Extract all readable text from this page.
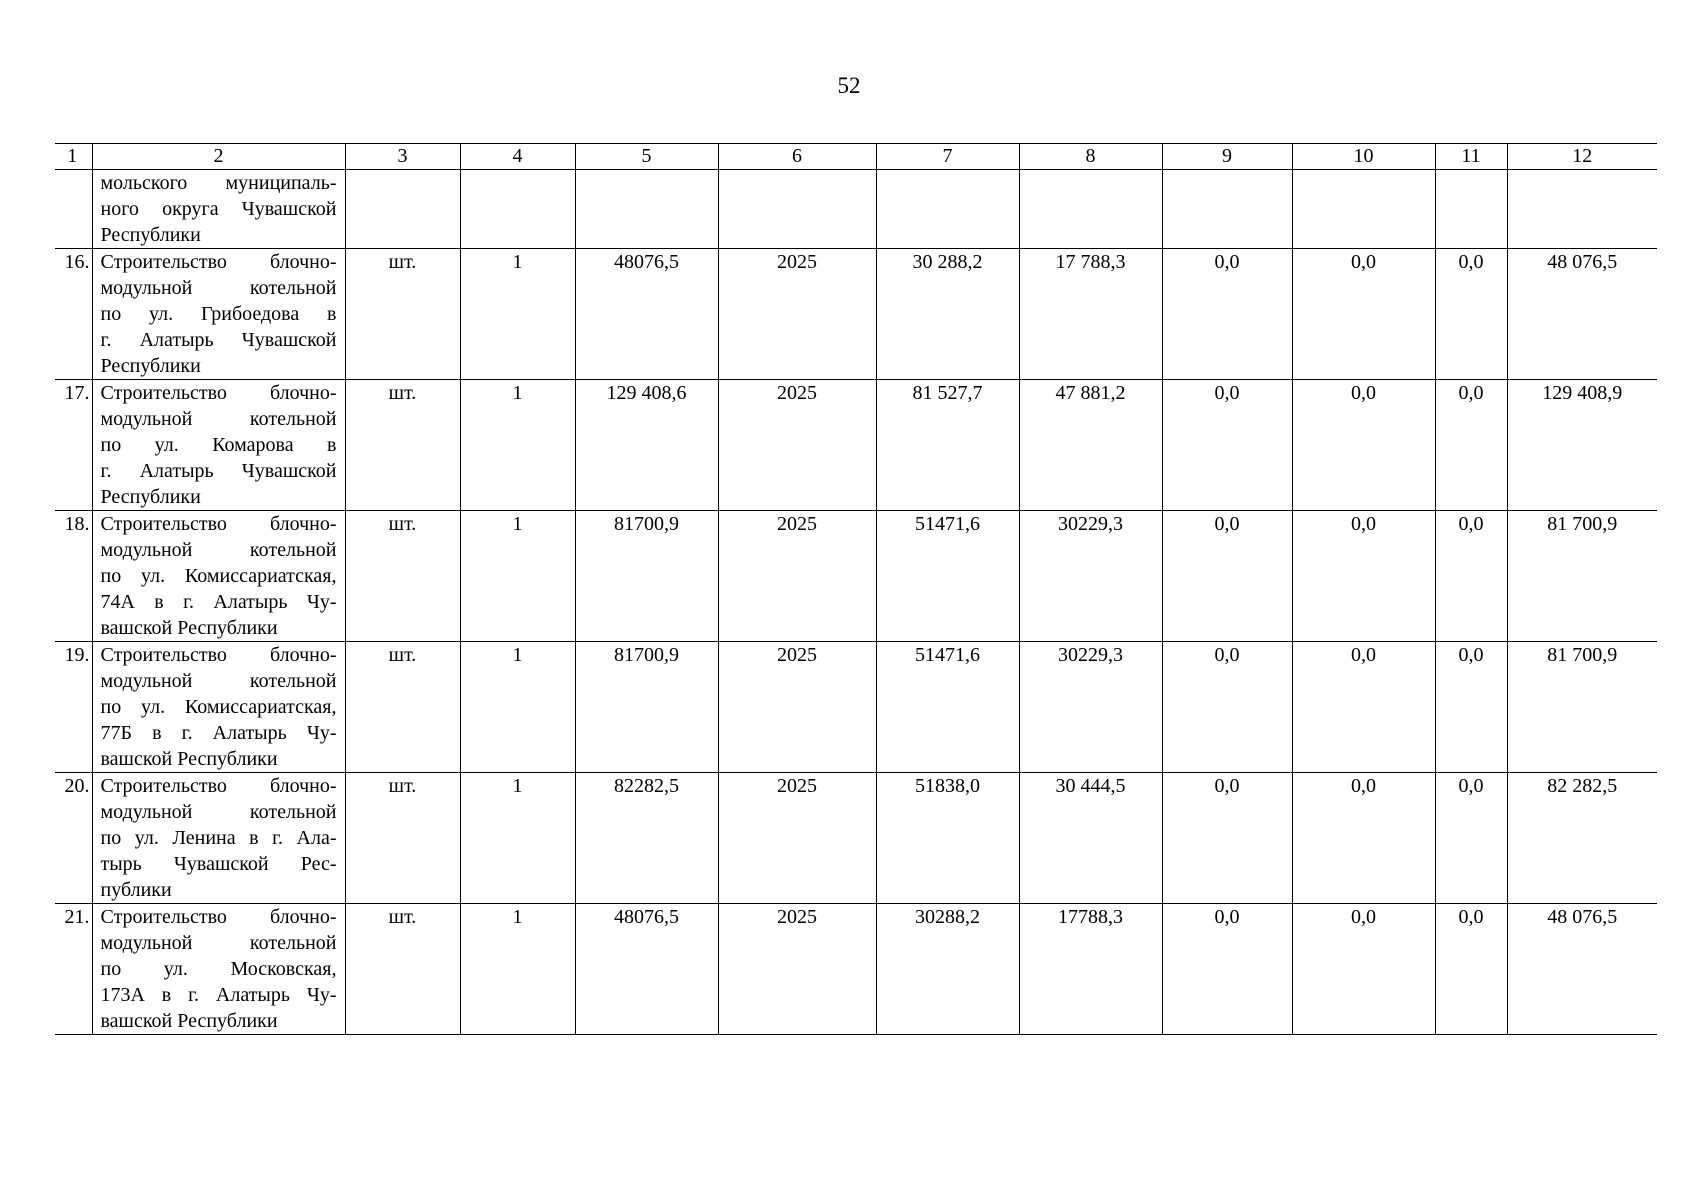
52
1	2	3	4	5	6	7	8	9	10	11	12

	мольского муниципаль-
ного округа Чувашской
Республики										

16.	Строительство блочно-
модульной котельной
по ул. Грибоедова в
г. Алатырь Чувашской
Республики	шт.	1	48076,5	2025	30 288,2	17 788,3	0,0	0,0	0,0	48 076,5
17.	Строительство блочно-
модульной котельной
по ул. Комарова в
г. Алатырь Чувашской
Республики	шт.	1	129 408,6	2025	81 527,7	47 881,2	0,0	0,0	0,0	129 408,9
18.	Строительство блочно-
модульной котельной
по ул. Комиссариатская,
74А в г. Алатырь Чу-
вашской Республики	шт.	1	81700,9	2025	51471,6	30229,3	0,0	0,0	0,0	81 700,9
19.	Строительство блочно-
модульной котельной
по ул. Комиссариатская,
77Б в г. Алатырь Чу-
вашской Республики	шт.	1	81700,9	2025	51471,6	30229,3	0,0	0,0	0,0	81 700,9
20.	Строительство блочно-
модульной котельной
по ул. Ленина в г. Ала-
тырь Чувашской Рес-
публики	шт.	1	82282,5	2025	51838,0	30 444,5	0,0	0,0	0,0	82 282,5
21.	Строительство блочно-
модульной котельной
по ул. Московская,
173А в г. Алатырь Чу-
вашской Республики	шт.	1	48076,5	2025	30288,2	17788,3	0,0	0,0	0,0	48 076,5
